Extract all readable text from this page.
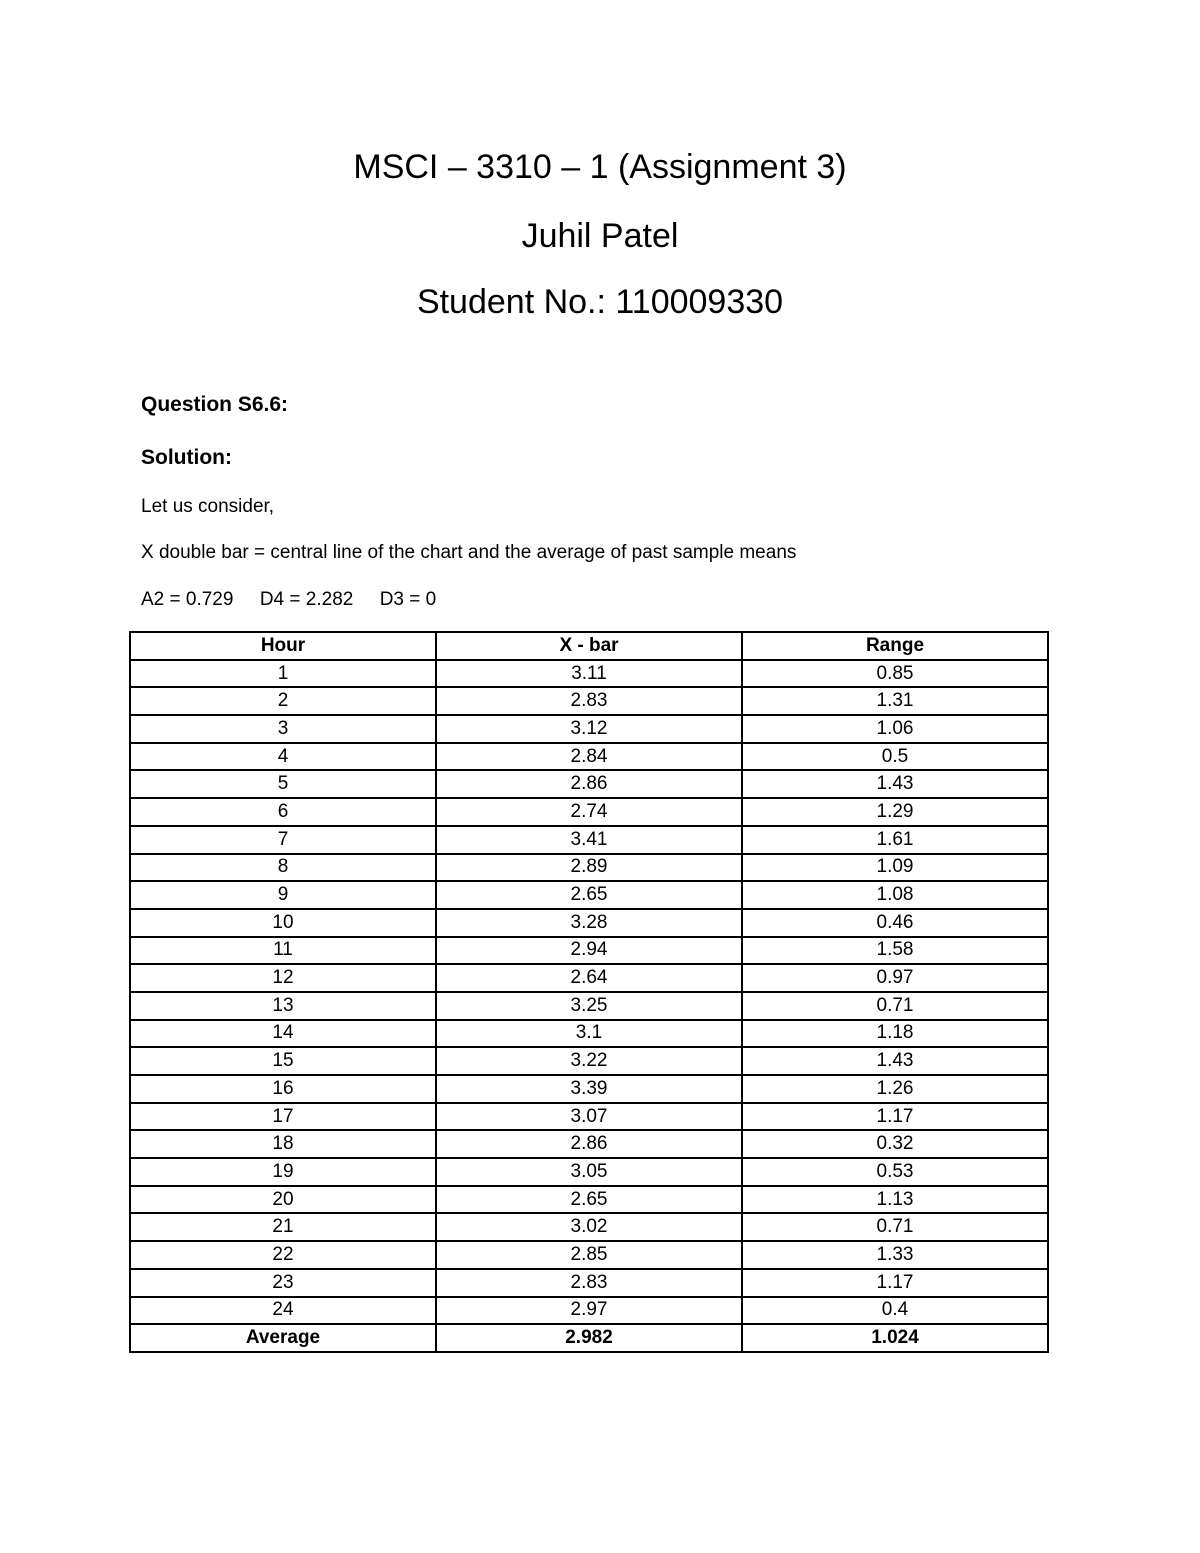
MSCI – 3310 – 1 (Assignment 3)
Juhil Patel
Student No.: 110009330
Question S6.6:
Solution:
Let us consider,
X double bar = central line of the chart and the average of past sample means
A2 = 0.729     D4 = 2.282     D3 = 0
Hour	X - bar	Range
1	3.11	0.85
2	2.83	1.31
3	3.12	1.06
4	2.84	0.5
5	2.86	1.43
6	2.74	1.29
7	3.41	1.61
8	2.89	1.09
9	2.65	1.08
10	3.28	0.46
11	2.94	1.58
12	2.64	0.97
13	3.25	0.71
14	3.1	1.18
15	3.22	1.43
16	3.39	1.26
17	3.07	1.17
18	2.86	0.32
19	3.05	0.53
20	2.65	1.13
21	3.02	0.71
22	2.85	1.33
23	2.83	1.17
24	2.97	0.4
Average	2.982	1.024
